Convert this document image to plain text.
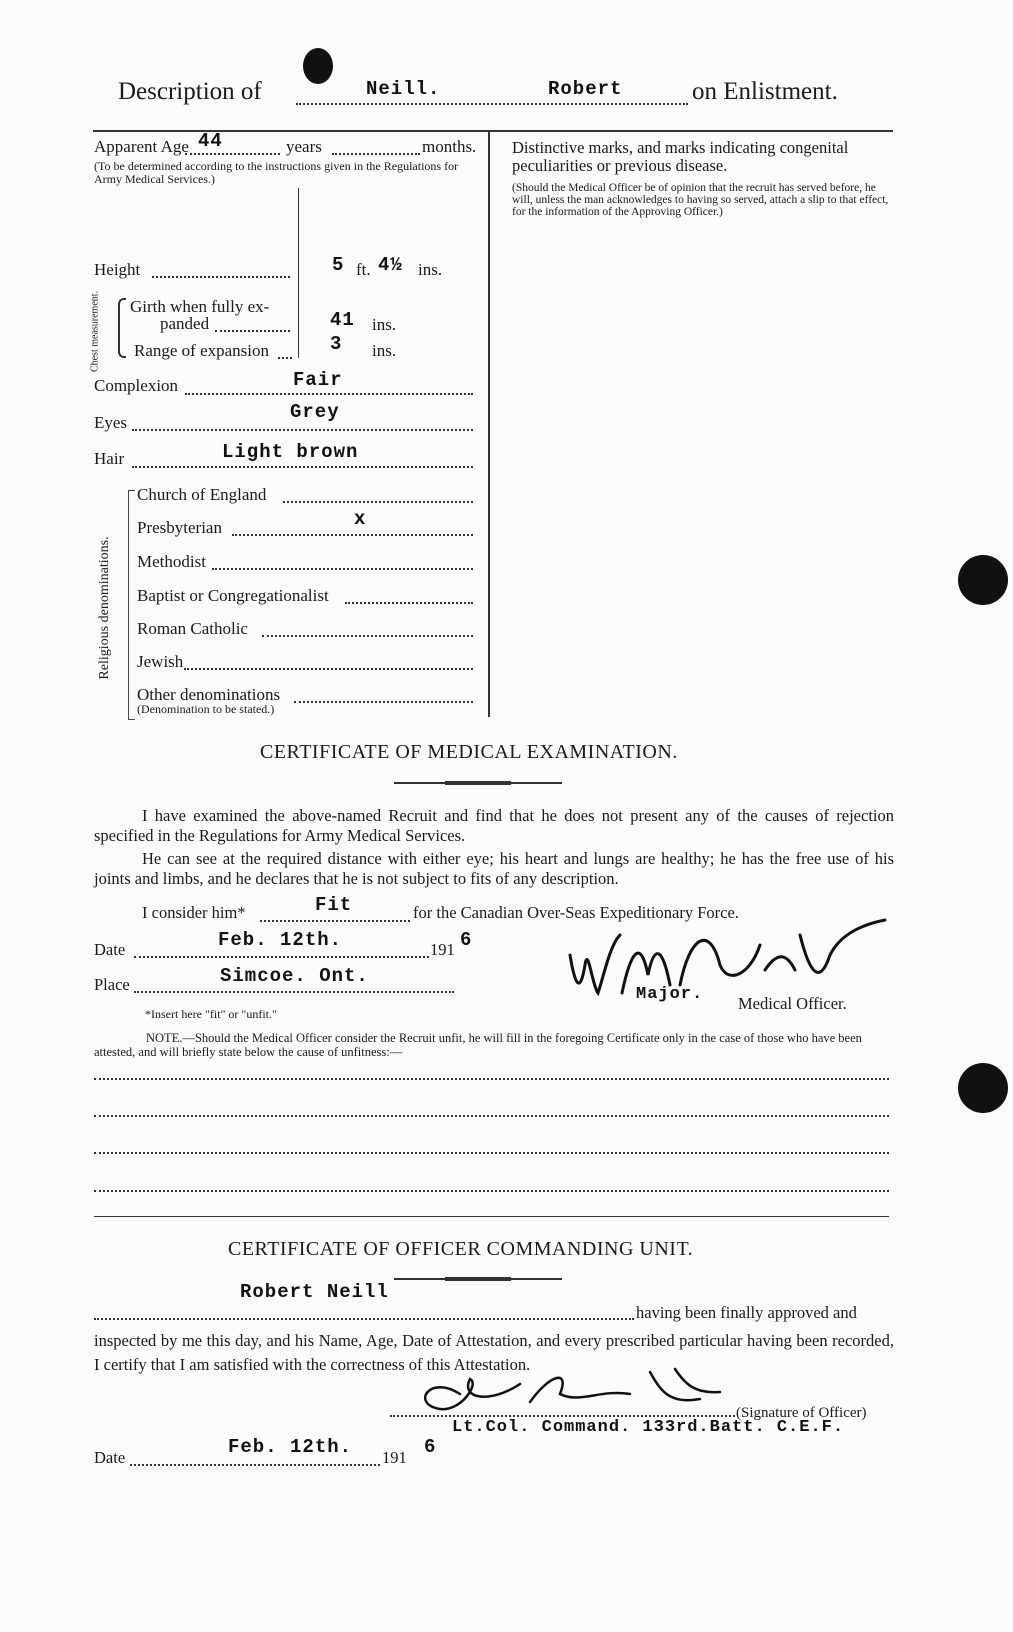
Description of	Neill.	Robert	on Enlistment.
Apparent Age 44	years	months.
(To be determined according to the instructions given in the Regulations for Army Medical Services.)
Height	5 ft. 4½ ins.
Chest measurement. Girth when fully ex-
panded	41 ins.
Range of expansion	3 ins.
Complexion	Fair
Eyes	Grey
Hair	Light brown
Religious denominations.
Church of England
Presbyterian	x
Methodist
Baptist or Congregationalist
Roman Catholic
Jewish
Other denominations
(Denomination to be stated.)
Distinctive marks, and marks indicating congenital peculiarities or previous disease.
(Should the Medical Officer be of opinion that the recruit has served before, he will, unless the man acknowledges to having so served, attach a slip to that effect, for the information of the Approving Officer.)
CERTIFICATE OF MEDICAL EXAMINATION.
I have examined the above-named Recruit and find that he does not present any of the causes of rejection specified in the Regulations for Army Medical Services.
He can see at the required distance with either eye; his heart and lungs are healthy; he has the free use of his joints and limbs, and he declares that he is not subject to fits of any description.
I consider him*	Fit	for the Canadian Over-Seas Expeditionary Force.
Date	Feb. 12th.	191 6
Place	Simcoe. Ont.
Major. Medical Officer.
*Insert here "fit" or "unfit."
NOTE.—Should the Medical Officer consider the Recruit unfit, he will fill in the foregoing Certificate only in the case of those who have been attested, and will briefly state below the cause of unfitness:—
CERTIFICATE OF OFFICER COMMANDING UNIT.
Robert Neill
having been finally approved and
inspected by me this day, and his Name, Age, Date of Attestation, and every prescribed particular having been recorded, I certify that I am satisfied with the correctness of this Attestation.
(Signature of Officer)
Lt.Col. Command. 133rd.Batt. C.E.F.
Date	Feb. 12th. 191 6
